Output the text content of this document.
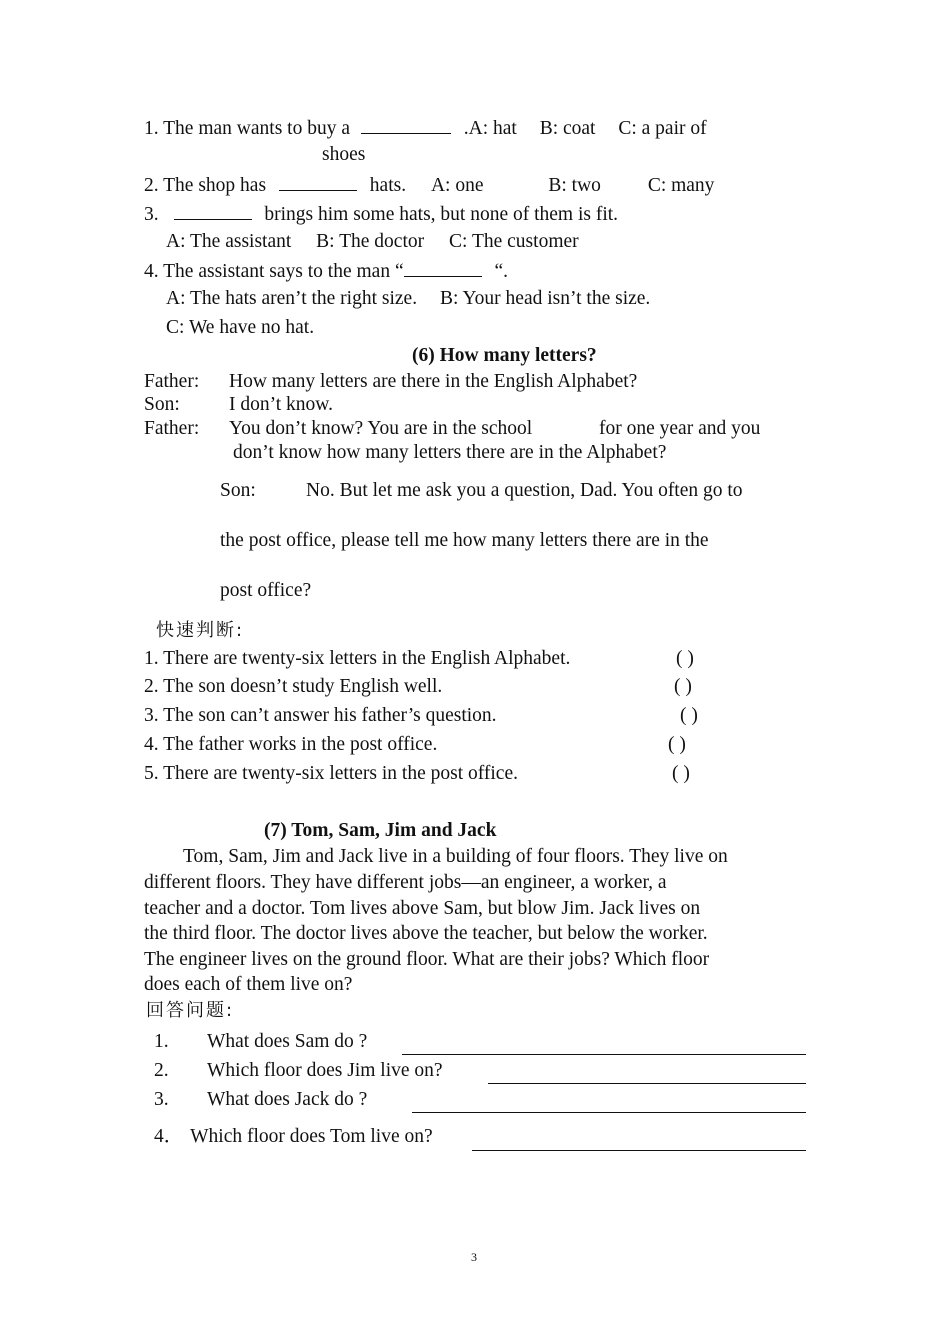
1. The man wants to buy a	.A: hat B: coat C: a pair of
shoes
2. The shop has	hats. A: one	B: two C: many
3.	brings him some hats, but none of them is fit.
A: The assistant B: The doctor C: The customer
4. The assistant says to the man “	“.
A: The hats aren’t the right size. B: Your head isn’t the size.
C: We have no hat.
(6) How many letters?
Father: How many letters are there in the English Alphabet?
Son:	I don’t know.
Father: You don’t know? You are in the school	for one year and you
don’t know how many letters there are in the Alphabet?
Son:	No. But let me ask you a question, Dad. You often go to
the post office, please tell me how many letters there are in the
post office?
快速判断:
1. There are twenty-six letters in the English Alphabet.	( )
2. The son doesn’t study English well.	( )
3. The son can’t answer his father’s question.	( )
4. The father works in the post office.	( )
5. There are twenty-six letters in the post office.	( )
(7) Tom, Sam, Jim and Jack
Tom, Sam, Jim and Jack live in a building of four floors. They live on
different floors. They have different jobs—an engineer, a worker, a
teacher and a doctor. Tom lives above Sam, but blow Jim. Jack lives on
the third floor. The doctor lives above the teacher, but below the worker.
The engineer lives on the ground floor. What are their jobs? Which floor
does each of them live on?
回答问题:
1. What does Sam do ?
2. Which floor does Jim live on?
3. What does Jack do ?
4． Which floor does Tom live on?
3
